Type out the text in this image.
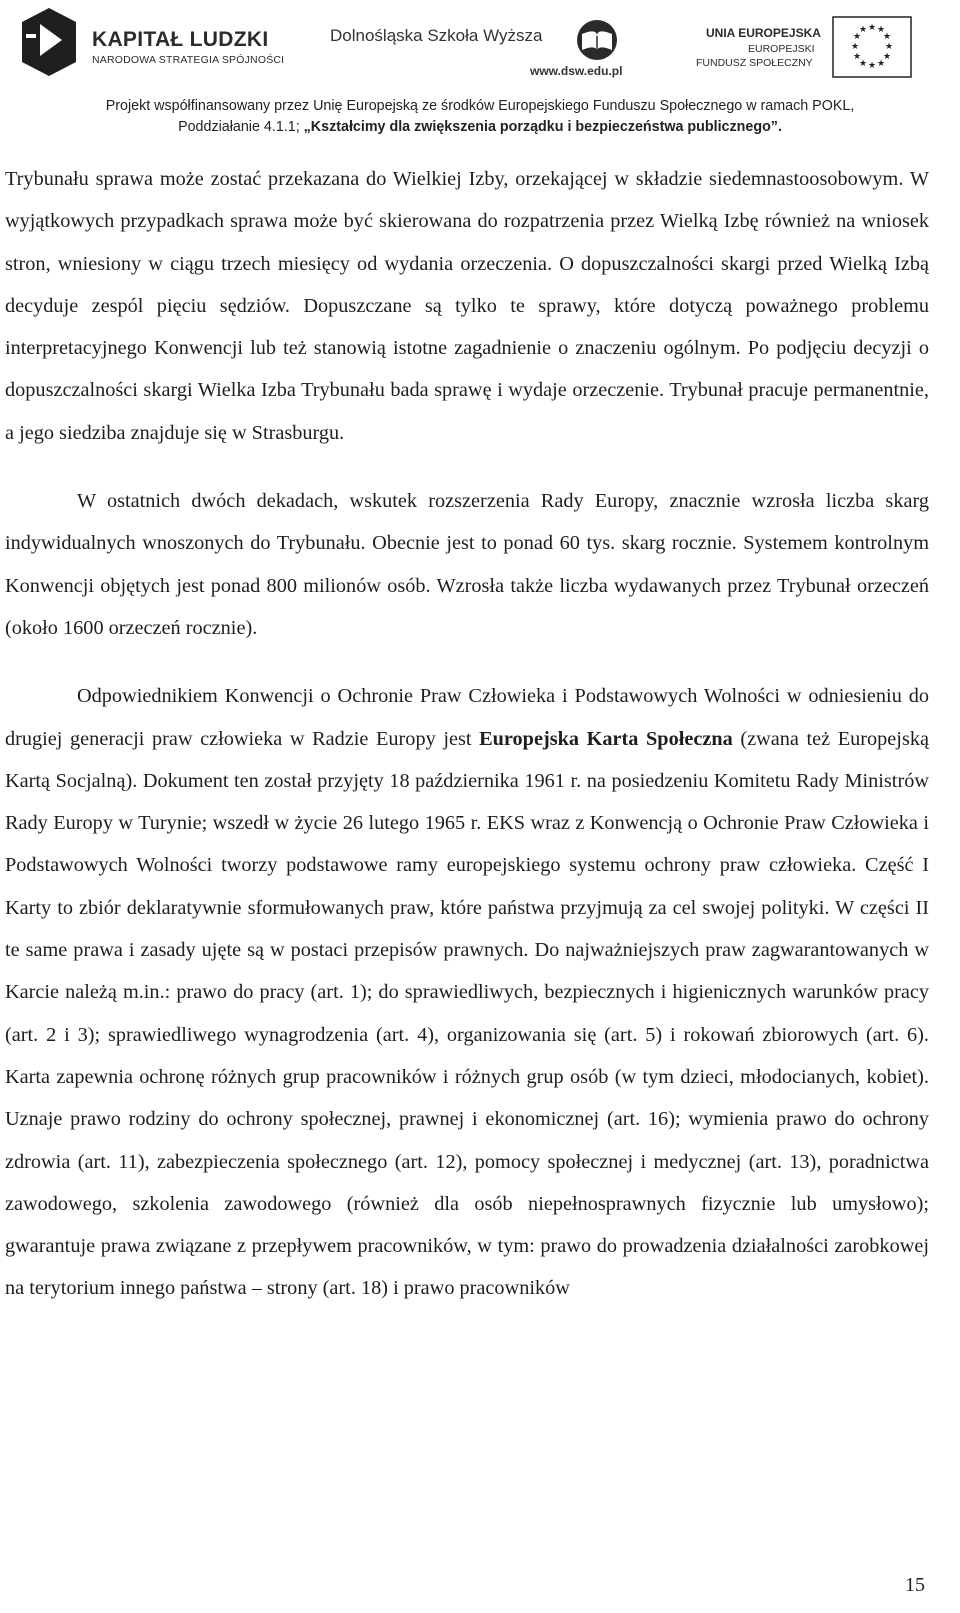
KAPITAŁ LUDZKI
NARODOWA STRATEGIA SPÓJNOŚCI
Dolnośląska Szkoła Wyższa
www.dsw.edu.pl
UNIA EUROPEJSKA
EUROPEJSKI
FUNDUSZ SPOŁECZNY
★ ★
★
★
★
★
★
★
★
★
★
★
Projekt współfinansowany przez Unię Europejską ze środków Europejskiego Funduszu Społecznego w ramach POKL,
Poddziałanie 4.1.1; „Kształcimy dla zwiększenia porządku i bezpieczeństwa publicznego”.

Trybunału sprawa może zostać przekazana do Wielkiej Izby, orzekającej w składzie siedemnastoosobowym. W wyjątkowych przypadkach sprawa może być skierowana do rozpatrzenia przez Wielką Izbę również na wniosek stron, wniesiony w ciągu trzech miesięcy od wydania orzeczenia. O dopuszczalności skargi przed Wielką Izbą decyduje zespól pięciu sędziów. Dopuszczane są tylko te sprawy, które dotyczą poważnego problemu interpretacyjnego Konwencji lub też stanowią istotne zagadnienie o znaczeniu ogólnym. Po podjęciu decyzji o dopuszczalności skargi Wielka Izba Trybunału bada sprawę i wydaje orzeczenie. Trybunał pracuje permanentnie, a jego siedziba znajduje się w Strasburgu.

W ostatnich dwóch dekadach, wskutek rozszerzenia Rady Europy, znacznie wzrosła liczba skarg indywidualnych wnoszonych do Trybunału. Obecnie jest to ponad 60 tys. skarg rocznie. Systemem kontrolnym Konwencji objętych jest ponad 800 milionów osób. Wzrosła także liczba wydawanych przez Trybunał orzeczeń (około 1600 orzeczeń rocznie).

Odpowiednikiem Konwencji o Ochronie Praw Człowieka i Podstawowych Wolności w odniesieniu do drugiej generacji praw człowieka w Radzie Europy jest Europejska Karta Społeczna (zwana też Europejską Kartą Socjalną). Dokument ten został przyjęty 18 października 1961 r. na posiedzeniu Komitetu Rady Ministrów Rady Europy w Turynie; wszedł w życie 26 lutego 1965 r. EKS wraz z Konwencją o Ochronie Praw Człowieka i Podstawowych Wolności tworzy podstawowe ramy europejskiego systemu ochrony praw człowieka. Część I Karty to zbiór deklaratywnie sformułowanych praw, które państwa przyjmują za cel swojej polityki. W części II te same prawa i zasady ujęte są w postaci przepisów prawnych. Do najważniejszych praw zagwarantowanych w Karcie należą m.in.: prawo do pracy (art. 1); do sprawiedliwych, bezpiecznych i higienicznych warunków pracy (art. 2 i 3); sprawiedliwego wynagrodzenia (art. 4), organizowania się (art. 5) i rokowań zbiorowych (art. 6). Karta zapewnia ochronę różnych grup pracowników i różnych grup osób (w tym dzieci, młodocianych, kobiet). Uznaje prawo rodziny do ochrony społecznej, prawnej i ekonomicznej (art. 16); wymienia prawo do ochrony zdrowia (art. 11), zabezpieczenia społecznego (art. 12), pomocy społecznej i medycznej (art. 13), poradnictwa zawodowego, szkolenia zawodowego (również dla osób niepełnosprawnych fizycznie lub umysłowo); gwarantuje prawa związane z przepływem pracowników, w tym: prawo do prowadzenia działalności zarobkowej na terytorium innego państwa – strony (art. 18) i prawo pracowników

15
